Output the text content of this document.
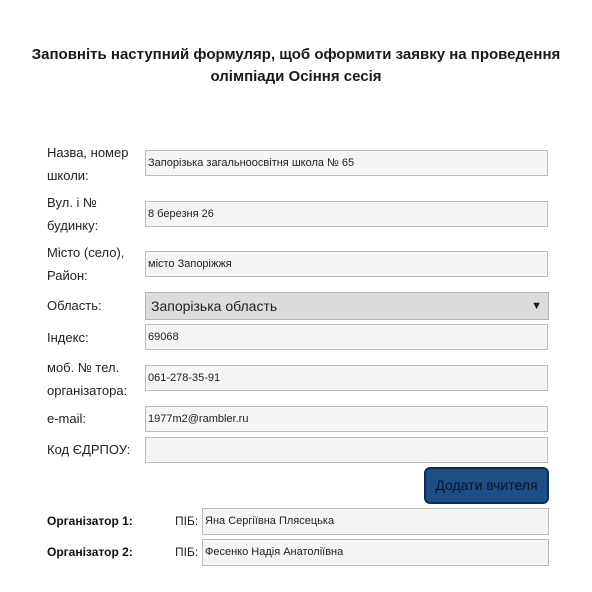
Заповніть наступний формуляр, щоб оформити заявку на проведення олімпіади Осіння сесія
Назва, номер
школи:
Запорізька загальноосвітня школа № 65
Вул. і №
будинку:
8 березня 26
Місто (село),
Район:
місто Запоріжжя
Область:	Запорізька область	▼
Індекс:	69068
моб. № тел.
організатора:
061-278-35-91
e-mail:	1977m2@rambler.ru
Код ЄДРПОУ:
Додати вчителя
Організатор 1:	ПІБ: Яна Сергіївна Плясецька
Організатор 2:	ПІБ: Фесенко Надія Анатоліївна
